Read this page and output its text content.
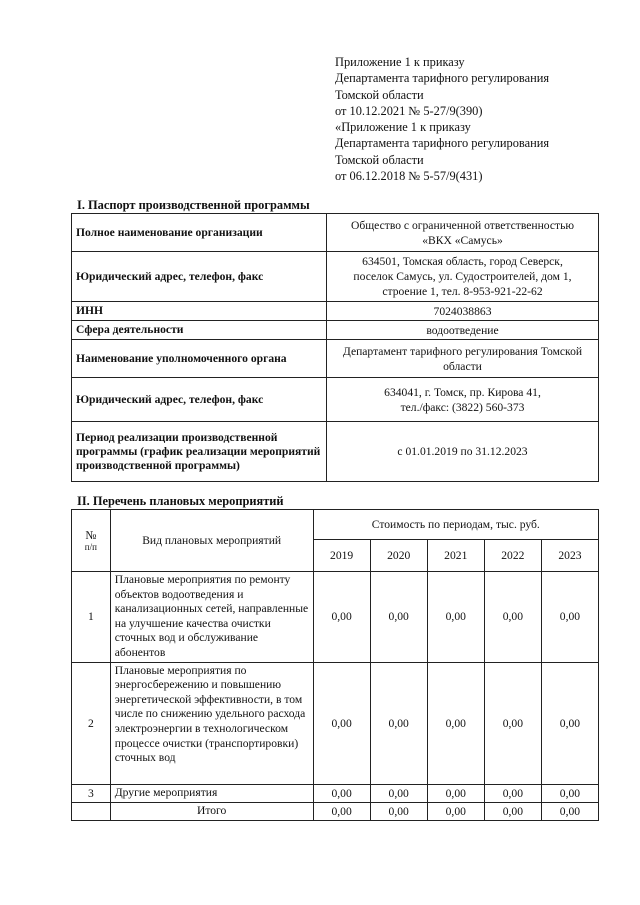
Приложение 1 к приказу
Департамента тарифного регулирования
Томской области
от 10.12.2021 № 5-27/9(390)
«Приложение 1 к приказу
Департамента тарифного регулирования
Томской области
от 06.12.2018 № 5-57/9(431)
I. Паспорт производственной программы
Полное наименование организации	Общество с ограниченной ответственностью
«ВКХ «Самусь»

Юридический адрес, телефон, факс	634501, Томская область, город Северск,
поселок Самусь, ул. Судостроителей, дом 1,
строение 1, тел. 8-953-921-22-62

ИНН	7024038863

Сфера деятельности	водоотведение

Наименование уполномоченного органа	Департамент тарифного регулирования Томской
области

Юридический адрес, телефон, факс	634041, г. Томск, пр. Кирова 41,
тел./факс: (3822) 560-373

Период реализации производственной программы (график реализации мероприятий производственной программы)	с 01.01.2019 по 31.12.2023
II. Перечень плановых мероприятий
№
п/п	Вид плановых мероприятий	Стоимость по периодам, тыс. руб.				
		2019	2020	2021	2022	2023
1	Плановые мероприятия по ремонту объектов водоотведения и канализационных сетей, направленные на улучшение качества очистки сточных вод и обслуживание абонентов	0,00	0,00	0,00	0,00	0,00
2	Плановые мероприятия по энергосбережению и повышению энергетической эффективности, в том числе по снижению удельного расхода электроэнергии в технологическом процессе очистки (транспортировки) сточных вод	0,00	0,00	0,00	0,00	0,00
3	Другие мероприятия	0,00	0,00	0,00	0,00	0,00
	Итого	0,00	0,00	0,00	0,00	0,00
